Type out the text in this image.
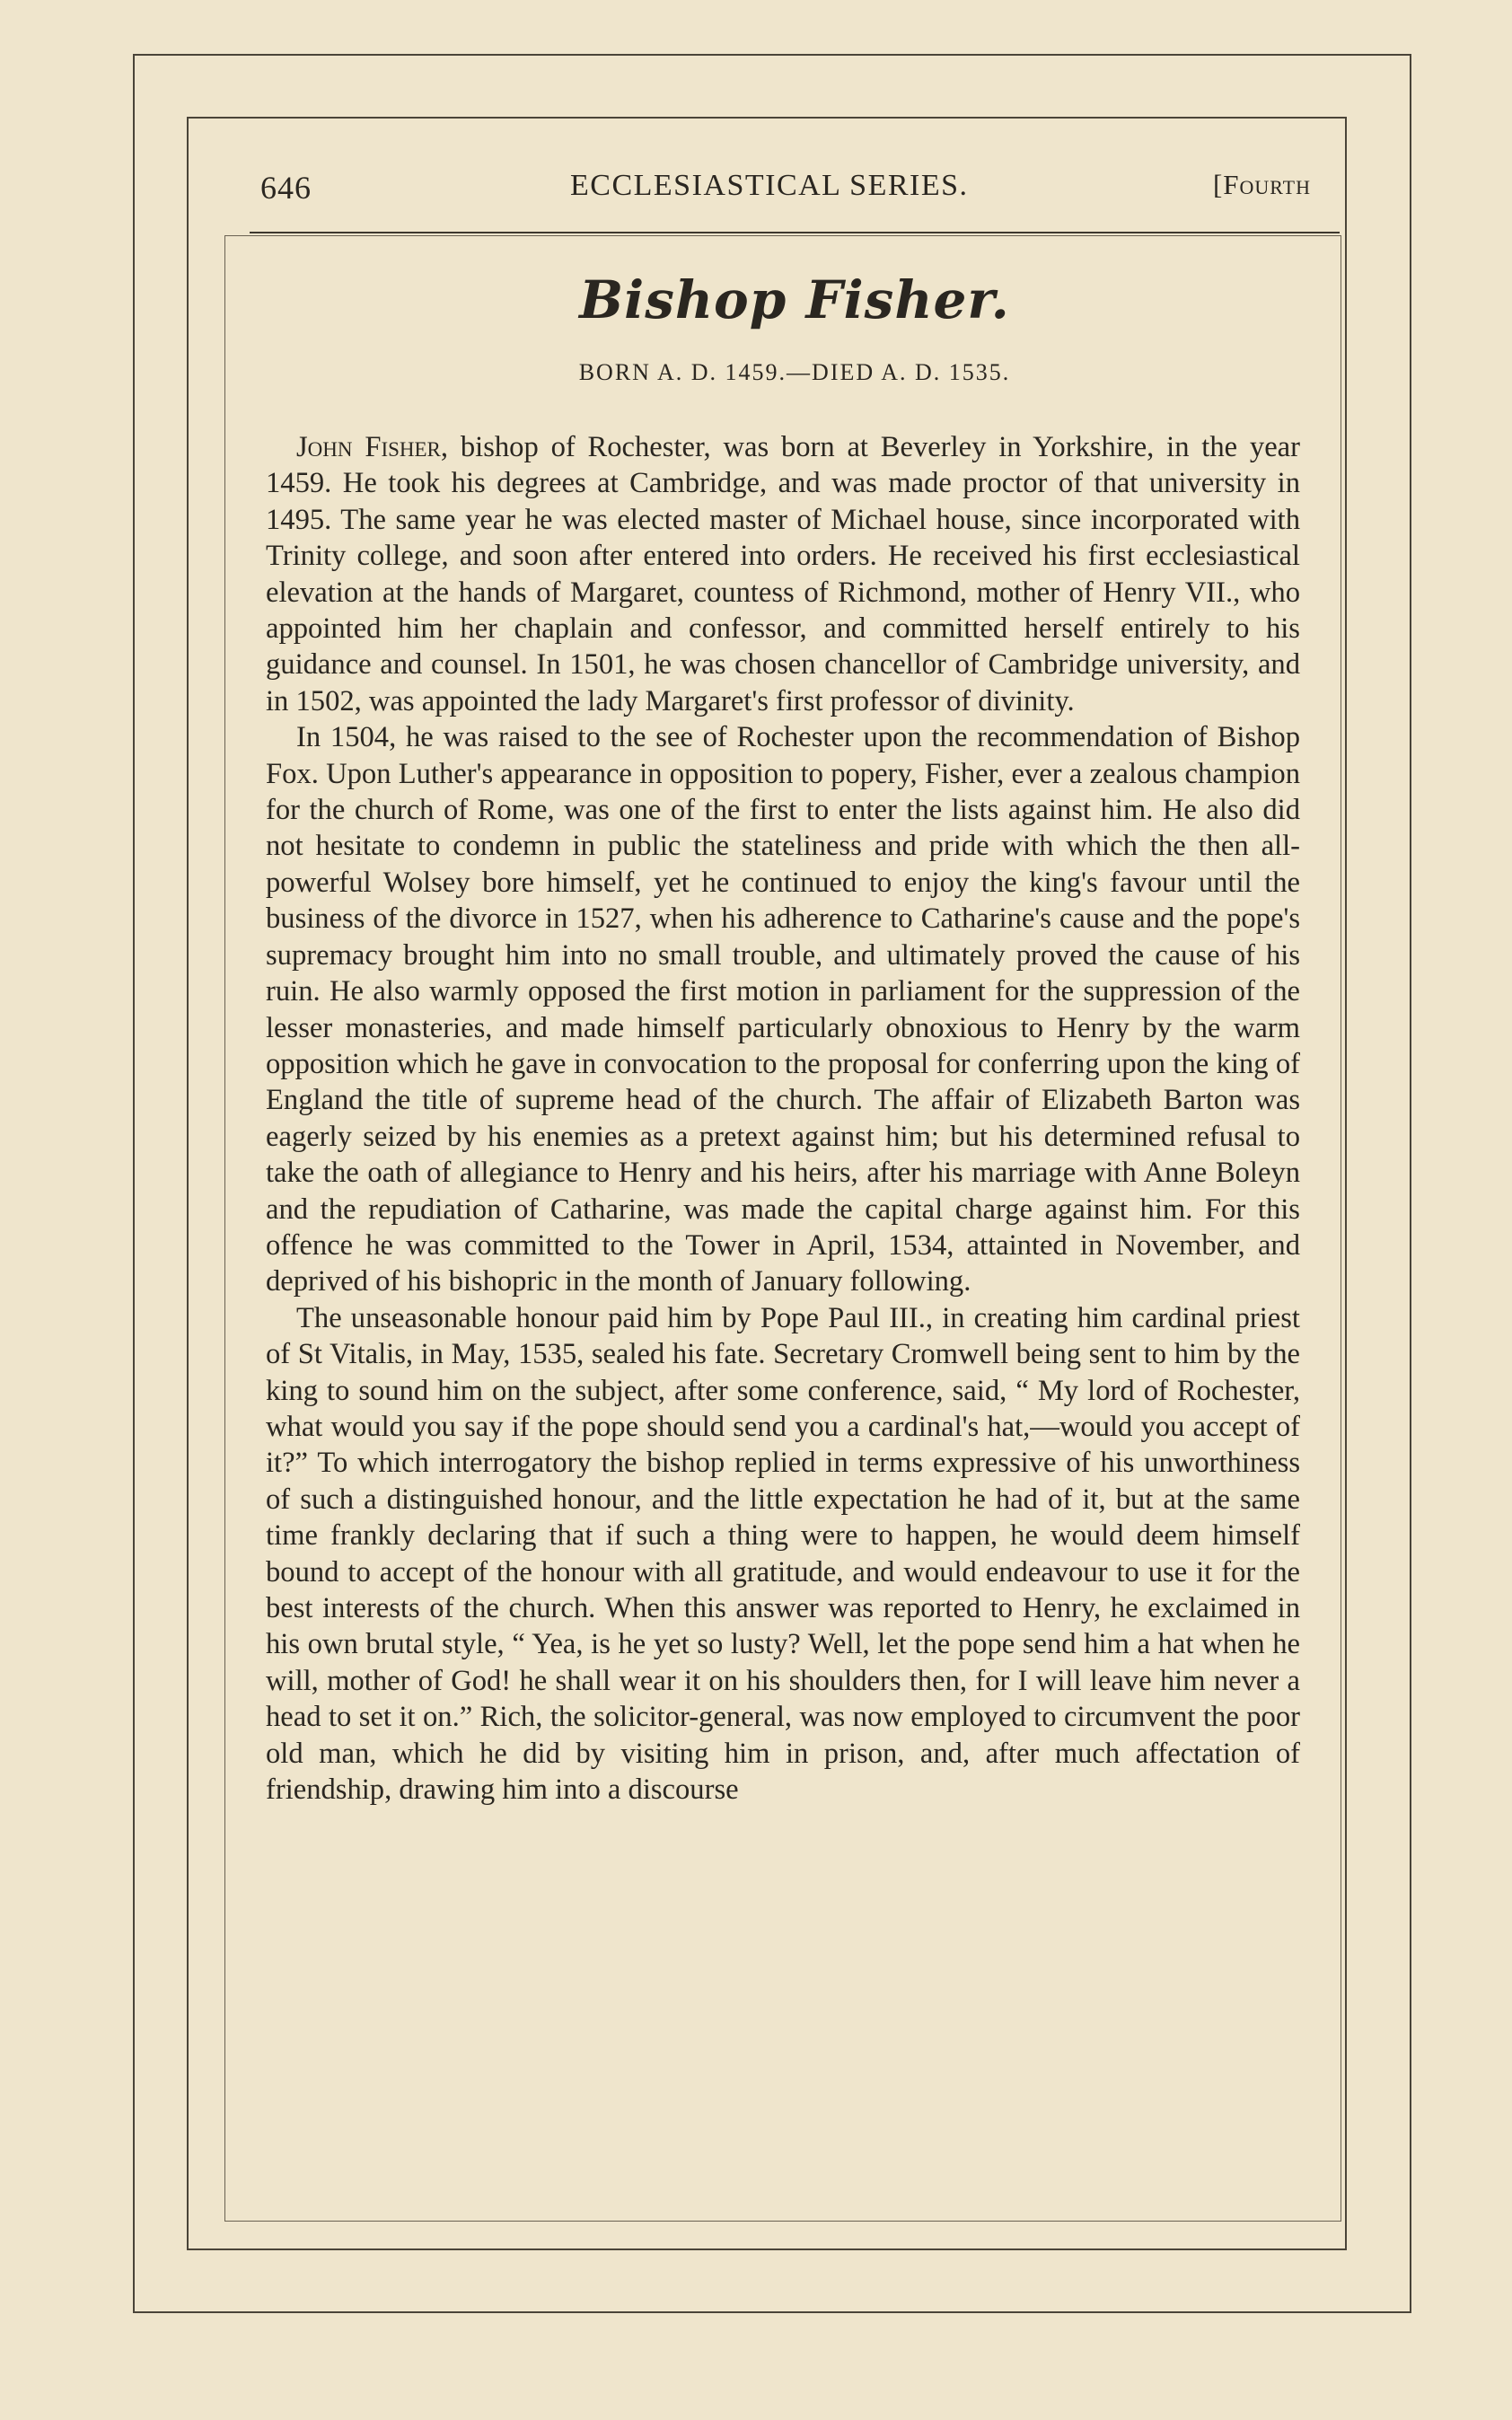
646	ECCLESIASTICAL SERIES.	[Fourth
Bishop Fisher.
BORN A. D. 1459.—DIED A. D. 1535.

John Fisher, bishop of Rochester, was born at Beverley in Yorkshire, in the year 1459. He took his degrees at Cambridge, and was made proctor of that university in 1495. The same year he was elected master of Michael house, since incorporated with Trinity college, and soon after entered into orders. He received his first ecclesiastical elevation at the hands of Margaret, countess of Richmond, mother of Henry VII., who appointed him her chaplain and confessor, and committed herself entirely to his guidance and counsel. In 1501, he was chosen chancellor of Cambridge university, and in 1502, was appointed the lady Margaret's first professor of divinity.

In 1504, he was raised to the see of Rochester upon the recommendation of Bishop Fox. Upon Luther's appearance in opposition to popery, Fisher, ever a zealous champion for the church of Rome, was one of the first to enter the lists against him. He also did not hesitate to condemn in public the stateliness and pride with which the then all-powerful Wolsey bore himself, yet he continued to enjoy the king's favour until the business of the divorce in 1527, when his adherence to Catharine's cause and the pope's supremacy brought him into no small trouble, and ultimately proved the cause of his ruin. He also warmly opposed the first motion in parliament for the suppression of the lesser monasteries, and made himself particularly obnoxious to Henry by the warm opposition which he gave in convocation to the proposal for conferring upon the king of England the title of supreme head of the church. The affair of Elizabeth Barton was eagerly seized by his enemies as a pretext against him; but his determined refusal to take the oath of allegiance to Henry and his heirs, after his marriage with Anne Boleyn and the repudiation of Catharine, was made the capital charge against him. For this offence he was committed to the Tower in April, 1534, attainted in November, and deprived of his bishopric in the month of January following.

The unseasonable honour paid him by Pope Paul III., in creating him cardinal priest of St Vitalis, in May, 1535, sealed his fate. Secretary Cromwell being sent to him by the king to sound him on the subject, after some conference, said, “ My lord of Rochester, what would you say if the pope should send you a cardinal's hat,—would you accept of it?” To which interrogatory the bishop replied in terms expressive of his unworthiness of such a distinguished honour, and the little expectation he had of it, but at the same time frankly declaring that if such a thing were to happen, he would deem himself bound to accept of the honour with all gratitude, and would endeavour to use it for the best interests of the church. When this answer was reported to Henry, he exclaimed in his own brutal style, “ Yea, is he yet so lusty? Well, let the pope send him a hat when he will, mother of God! he shall wear it on his shoulders then, for I will leave him never a head to set it on.” Rich, the solicitor-general, was now employed to circumvent the poor old man, which he did by visiting him in prison, and, after much affectation of friendship, drawing him into a discourse
